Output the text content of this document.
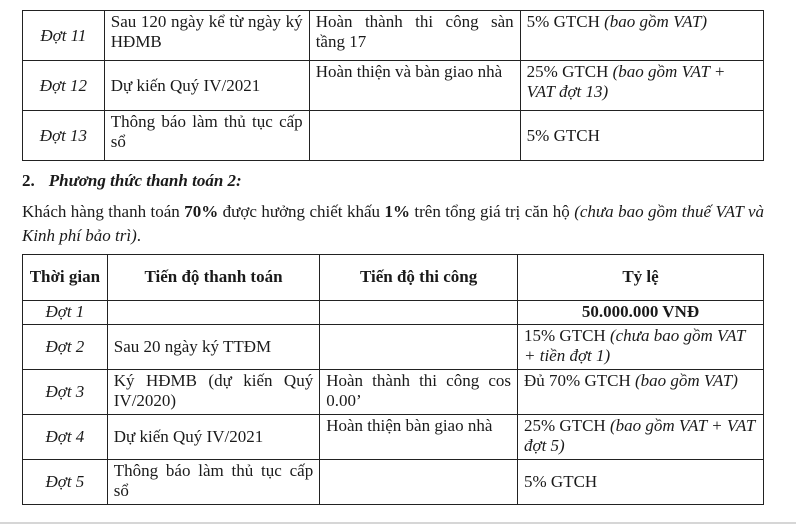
Đợt 11	Sau 120 ngày kể từ ngày ký HĐMB	Hoàn thành thi công sàn tầng 17	5% GTCH (bao gồm VAT)
Đợt 12	Dự kiến Quý IV/2021	Hoàn thiện và bàn giao nhà	25% GTCH (bao gồm VAT + VAT đợt 13)
Đợt 13	Thông báo làm thủ tục cấp sổ		5% GTCH
2. Phương thức thanh toán 2:
Khách hàng thanh toán 70% được hưởng chiết khấu 1% trên tổng giá trị căn hộ (chưa bao gồm thuế VAT và Kinh phí bảo trì).
Thời gian	Tiến độ thanh toán	Tiến độ thi công	Tỷ lệ
Đợt 1			50.000.000 VNĐ
Đợt 2	Sau 20 ngày ký TTĐM		15% GTCH (chưa bao gồm VAT + tiền đợt 1)
Đợt 3	Ký HĐMB (dự kiến Quý IV/2020)	Hoàn thành thi công cos 0.00’	Đủ 70% GTCH (bao gồm VAT)
Đợt 4	Dự kiến Quý IV/2021	Hoàn thiện bàn giao nhà	25% GTCH (bao gồm VAT + VAT đợt 5)
Đợt 5	Thông báo làm thủ tục cấp sổ		5% GTCH
